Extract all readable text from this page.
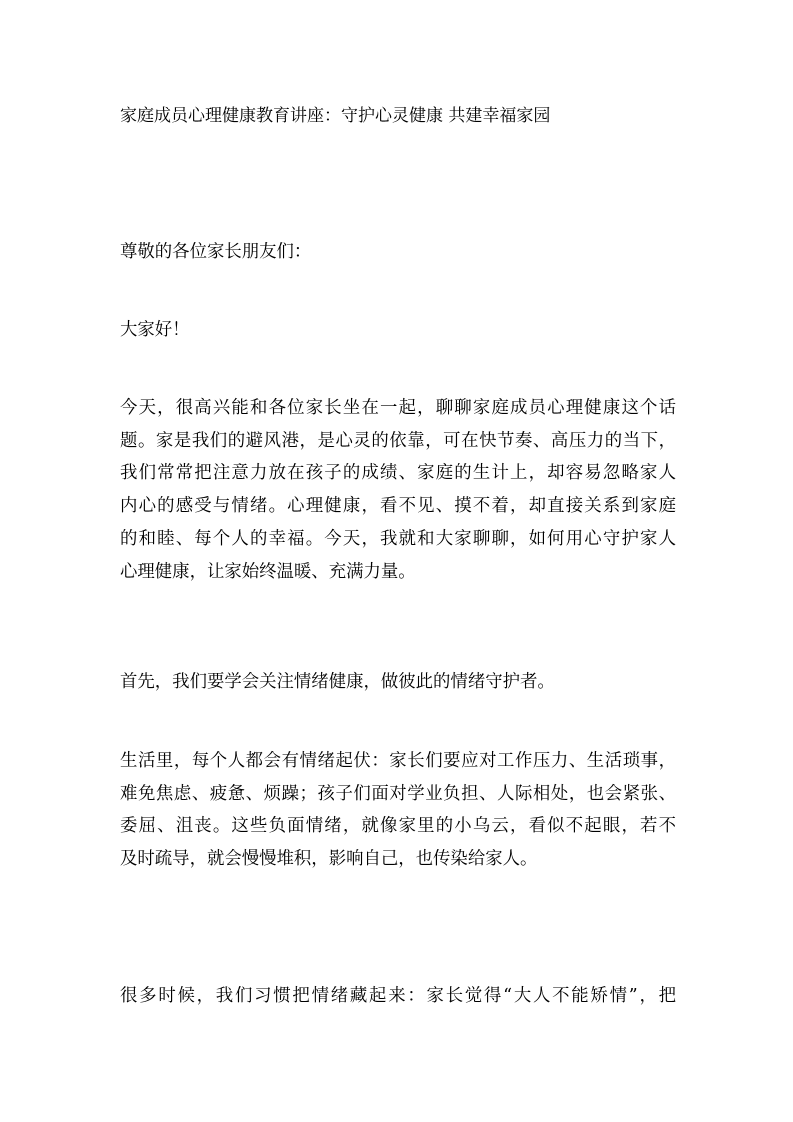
家庭成员心理健康教育讲座：守护心灵健康 共建幸福家园

尊敬的各位家长朋友们：

大家好！

今天，很高兴能和各位家长坐在一起，聊聊家庭成员心理健康这个话
题。家是我们的避风港，是心灵的依靠，可在快节奏、高压力的当下，
我们常常把注意力放在孩子的成绩、家庭的生计上，却容易忽略家人
内心的感受与情绪。心理健康，看不见、摸不着，却直接关系到家庭
的和睦、每个人的幸福。今天，我就和大家聊聊，如何用心守护家人
心理健康，让家始终温暖、充满力量。

首先，我们要学会关注情绪健康，做彼此的情绪守护者。

生活里，每个人都会有情绪起伏：家长们要应对工作压力、生活琐事，
难免焦虑、疲惫、烦躁；孩子们面对学业负担、人际相处，也会紧张、
委屈、沮丧。这些负面情绪，就像家里的小乌云，看似不起眼，若不
及时疏导，就会慢慢堆积，影响自己，也传染给家人。

很多时候，我们习惯把情绪藏起来：家长觉得“大人不能矫情”，把
